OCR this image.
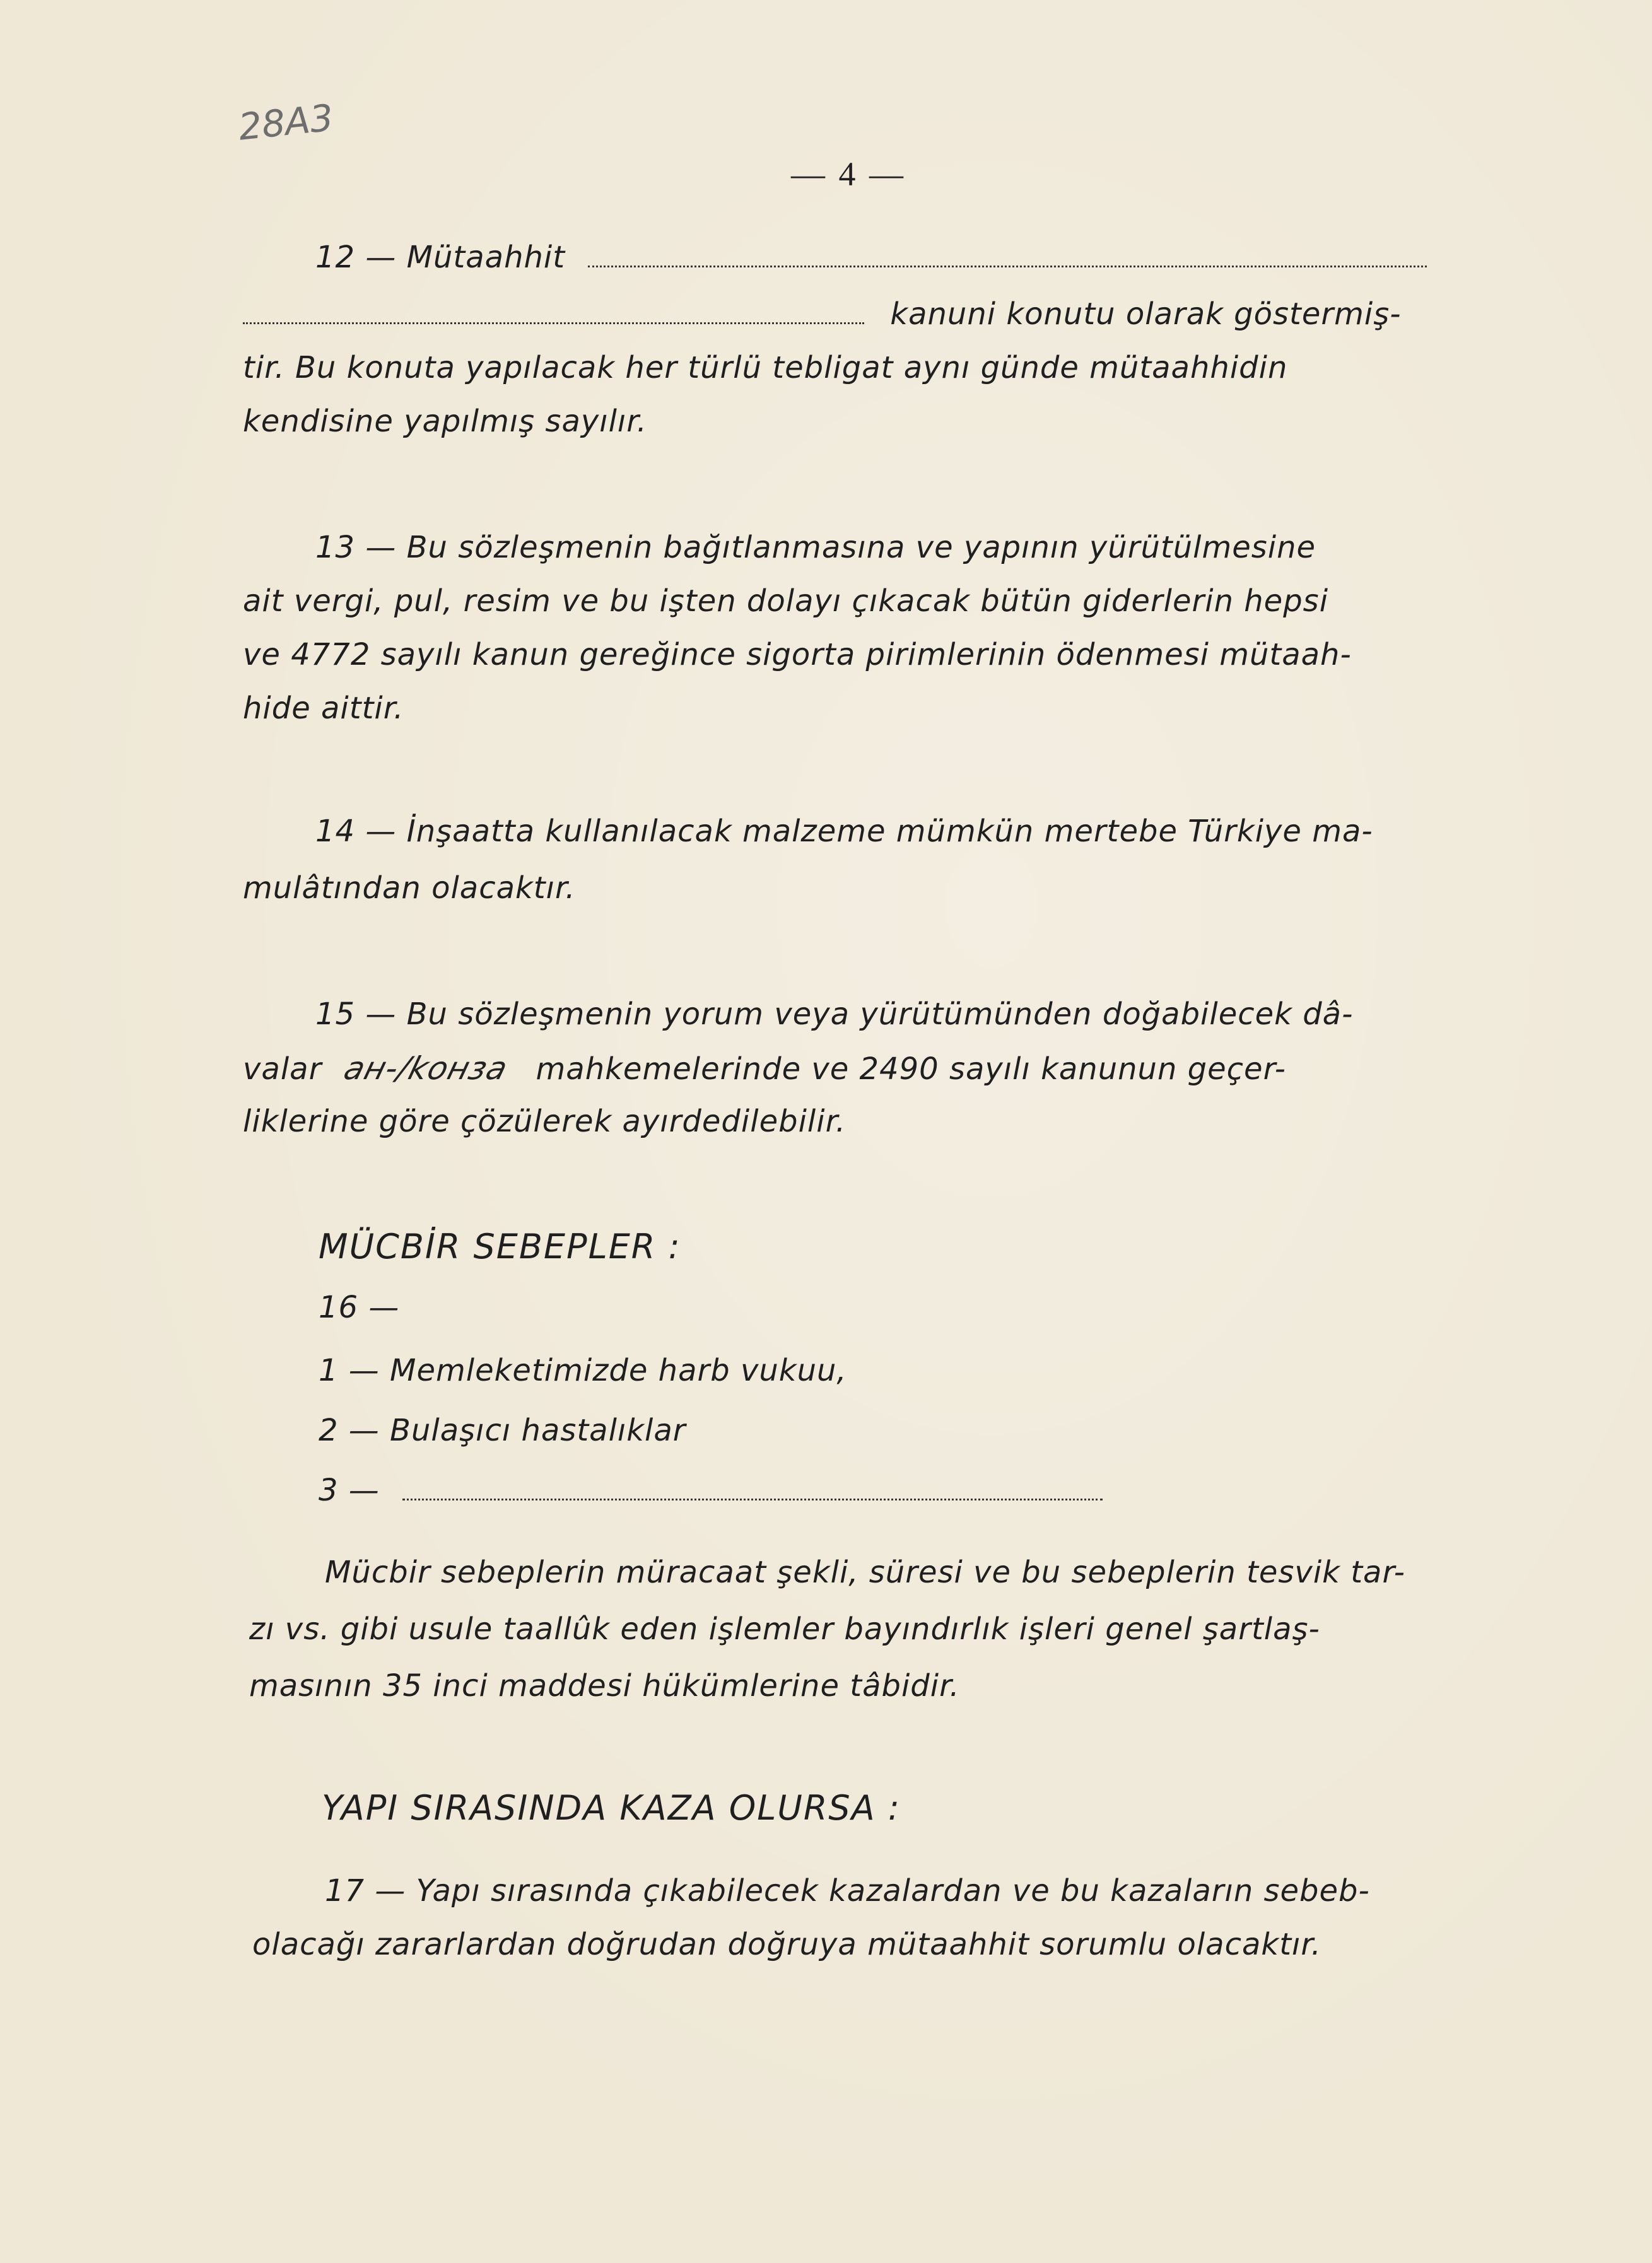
28A3
— 4 —
12 — Mütaahhit
kanuni konutu olarak göstermiş-
tir. Bu konuta yapılacak her türlü tebligat aynı günde mütaahhidin
kendisine yapılmış sayılır.
13 — Bu sözleşmenin bağıtlanmasına ve yapının yürütülmesine
ait vergi, pul, resim ve bu işten dolayı çıkacak bütün giderlerin hepsi
ve 4772 sayılı kanun gereğince sigorta pirimlerinin ödenmesi mütaah-
hide aittir.
14 — İnşaatta kullanılacak malzeme mümkün mertebe Türkiye ma-
mulâtından olacaktır.
15 — Bu sözleşmenin yorum veya yürütümünden doğabilecek dâ-
valar ан-/kонза mahkemelerinde ve 2490 sayılı kanunun geçer-
liklerine göre çözülerek ayırdedilebilir.
MÜCBİR SEBEPLER :
16 —
1 — Memleketimizde harb vukuu,
2 — Bulaşıcı hastalıklar
3 —
Mücbir sebeplerin müracaat şekli, süresi ve bu sebeplerin tesvik tar-
zı vs. gibi usule taallûk eden işlemler bayındırlık işleri genel şartlaş-
masının 35 inci maddesi hükümlerine tâbidir.
YAPI SIRASINDA KAZA OLURSA :
17 — Yapı sırasında çıkabilecek kazalardan ve bu kazaların sebeb-
olacağı zararlardan doğrudan doğruya mütaahhit sorumlu olacaktır.
